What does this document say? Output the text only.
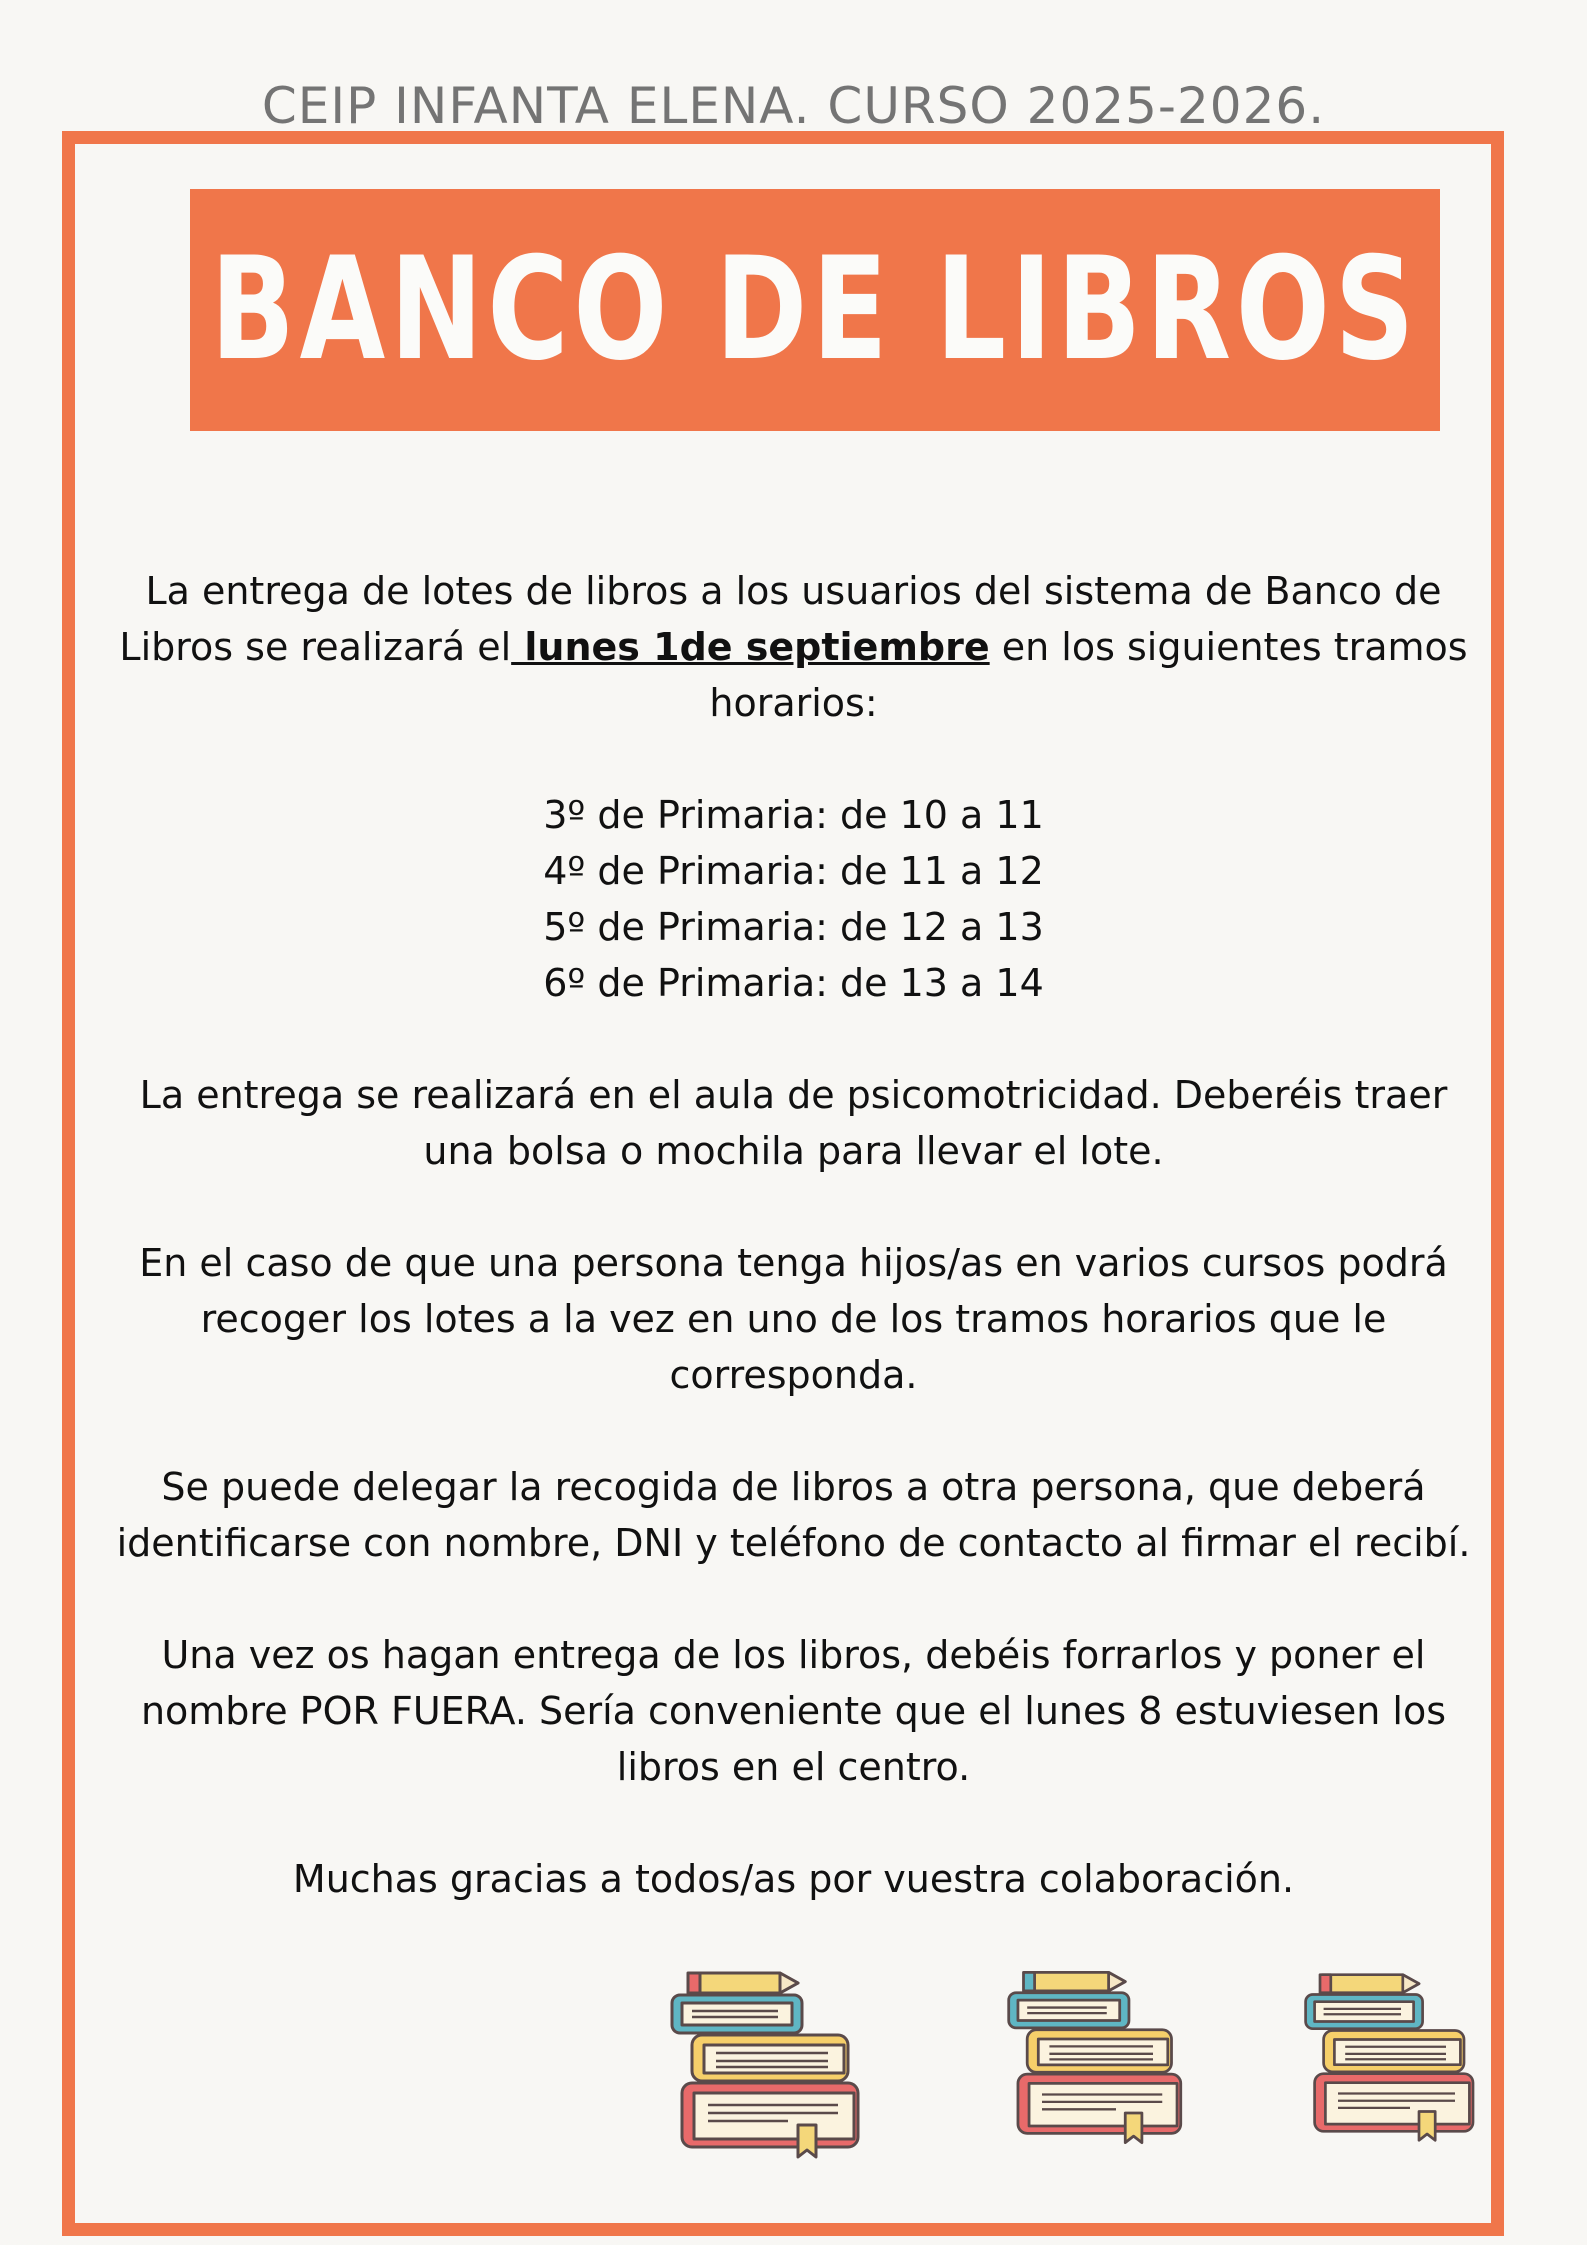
CEIP INFANTA ELENA. CURSO 2025-2026.
BANCO DE LIBROS

La entrega de lotes de libros a los usuarios del sistema de Banco de Libros se realizará el lunes 1de septiembre en los siguientes tramos horarios:

3º de Primaria: de 10 a 11
4º de Primaria: de 11 a 12
5º de Primaria: de 12 a 13
6º de Primaria: de 13 a 14

La entrega se realizará en el aula de psicomotricidad. Deberéis traer una bolsa o mochila para llevar el lote.

En el caso de que una persona tenga hijos/as en varios cursos podrá recoger los lotes a la vez en uno de los tramos horarios que le corresponda.

Se puede delegar la recogida de libros a otra persona, que deberá identificarse con nombre, DNI y teléfono de contacto al firmar el recibí.

Una vez os hagan entrega de los libros, debéis forrarlos y poner el nombre POR FUERA. Sería conveniente que el lunes 8 estuviesen los libros en el centro.

Muchas gracias a todos/as por vuestra colaboración.
